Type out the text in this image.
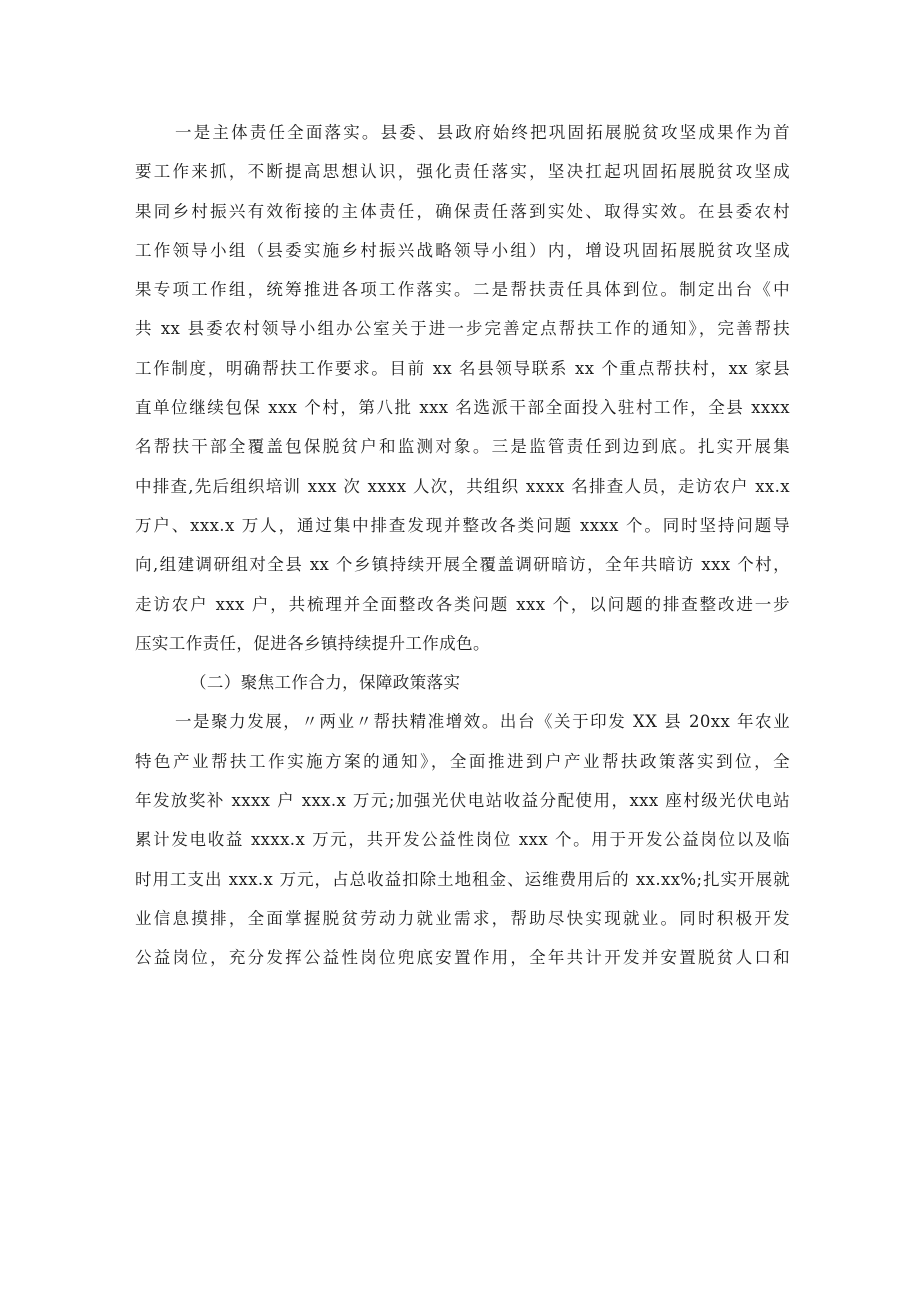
一是主体责任全面落实。县委、县政府始终把巩固拓展脱贫攻坚成果作为首
要工作来抓，不断提高思想认识，强化责任落实，坚决扛起巩固拓展脱贫攻坚成
果同乡村振兴有效衔接的主体责任，确保责任落到实处、取得实效。在县委农村
工作领导小组（县委实施乡村振兴战略领导小组）内，增设巩固拓展脱贫攻坚成
果专项工作组，统筹推进各项工作落实。二是帮扶责任具体到位。制定出台《中
共 xx 县委农村领导小组办公室关于进一步完善定点帮扶工作的通知》，完善帮扶
工作制度，明确帮扶工作要求。目前 xx 名县领导联系 xx 个重点帮扶村，xx 家县
直单位继续包保 xxx 个村，第八批 xxx 名选派干部全面投入驻村工作，全县 xxxx
名帮扶干部全覆盖包保脱贫户和监测对象。三是监管责任到边到底。扎实开展集
中排查,先后组织培训 xxx 次 xxxx 人次，共组织 xxxx 名排查人员，走访农户 xx.x
万户、xxx.x 万人，通过集中排查发现并整改各类问题 xxxx 个。同时坚持问题导
向,组建调研组对全县 xx 个乡镇持续开展全覆盖调研暗访，全年共暗访 xxx 个村，
走访农户 xxx 户，共梳理并全面整改各类问题 xxx 个，以问题的排查整改进一步
压实工作责任，促进各乡镇持续提升工作成色。
（二）聚焦工作合力，保障政策落实
一是聚力发展，〃两业〃帮扶精准增效。出台《关于印发 XX 县 20xx 年农业
特色产业帮扶工作实施方案的通知》，全面推进到户产业帮扶政策落实到位，全
年发放奖补 xxxx 户 xxx.x 万元;加强光伏电站收益分配使用，xxx 座村级光伏电站
累计发电收益 xxxx.x 万元，共开发公益性岗位 xxx 个。用于开发公益岗位以及临
时用工支出 xxx.x 万元，占总收益扣除土地租金、运维费用后的 xx.xx%;扎实开展就
业信息摸排，全面掌握脱贫劳动力就业需求，帮助尽快实现就业。同时积极开发
公益岗位，充分发挥公益性岗位兜底安置作用，全年共计开发并安置脱贫人口和
